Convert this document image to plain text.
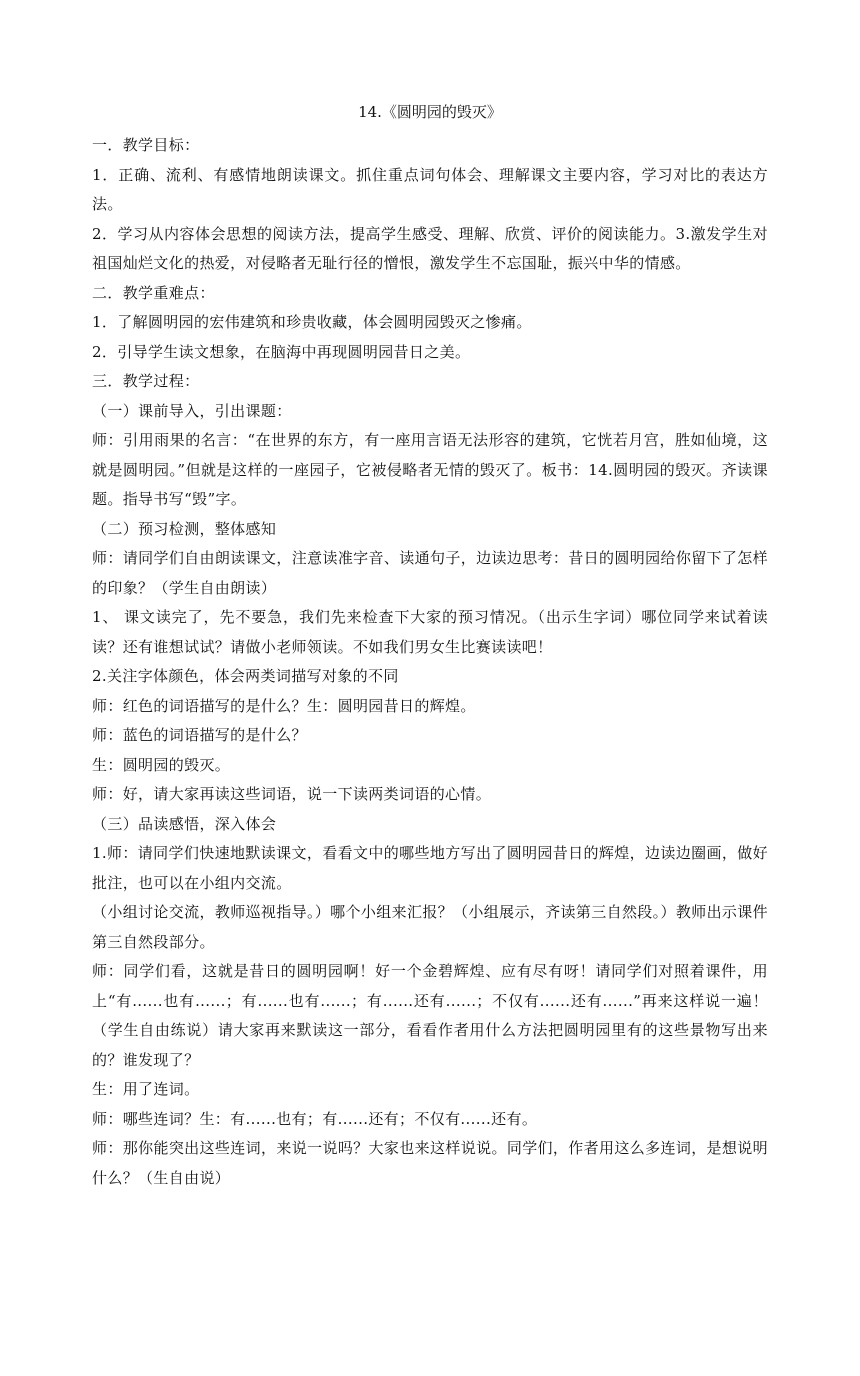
14.《圆明园的毁灭》

一．教学目标：

1．正确、流利、有感情地朗读课文。抓住重点词句体会、理解课文主要内容，学习对比的表达方法。

2．学习从内容体会思想的阅读方法，提高学生感受、理解、欣赏、评价的阅读能力。3.激发学生对祖国灿烂文化的热爱，对侵略者无耻行径的憎恨，激发学生不忘国耻，振兴中华的情感。

二．教学重难点：

1．了解圆明园的宏伟建筑和珍贵收藏，体会圆明园毁灭之惨痛。

2．引导学生读文想象，在脑海中再现圆明园昔日之美。

三．教学过程：

（一）课前导入，引出课题：

师：引用雨果的名言：“在世界的东方，有一座用言语无法形容的建筑，它恍若月宫，胜如仙境，这就是圆明园。”但就是这样的一座园子，它被侵略者无情的毁灭了。板书：14.圆明园的毁灭。齐读课题。指导书写“毁”字。

（二）预习检测，整体感知

师：请同学们自由朗读课文，注意读准字音、读通句子，边读边思考：昔日的圆明园给你留下了怎样的印象？（学生自由朗读）

1、 课文读完了，先不要急，我们先来检查下大家的预习情况。（出示生字词）哪位同学来试着读读？还有谁想试试？请做小老师领读。不如我们男女生比赛读读吧！

2.关注字体颜色，体会两类词描写对象的不同

师：红色的词语描写的是什么？生：圆明园昔日的辉煌。

师：蓝色的词语描写的是什么？

生：圆明园的毁灭。

师：好，请大家再读这些词语，说一下读两类词语的心情。

（三）品读感悟，深入体会

1.师：请同学们快速地默读课文，看看文中的哪些地方写出了圆明园昔日的辉煌，边读边圈画，做好批注，也可以在小组内交流。

（小组讨论交流，教师巡视指导。）哪个小组来汇报？（小组展示，齐读第三自然段。）教师出示课件第三自然段部分。

师：同学们看，这就是昔日的圆明园啊！好一个金碧辉煌、应有尽有呀！请同学们对照着课件，用上“有......也有......；有......也有......；有......还有......；不仅有......还有......”再来这样说一遍！（学生自由练说）请大家再来默读这一部分，看看作者用什么方法把圆明园里有的这些景物写出来的？谁发现了？

生：用了连词。

师：哪些连词？生：有......也有；有......还有；不仅有......还有。

师：那你能突出这些连词，来说一说吗？大家也来这样说说。同学们，作者用这么多连词，是想说明什么？（生自由说）
